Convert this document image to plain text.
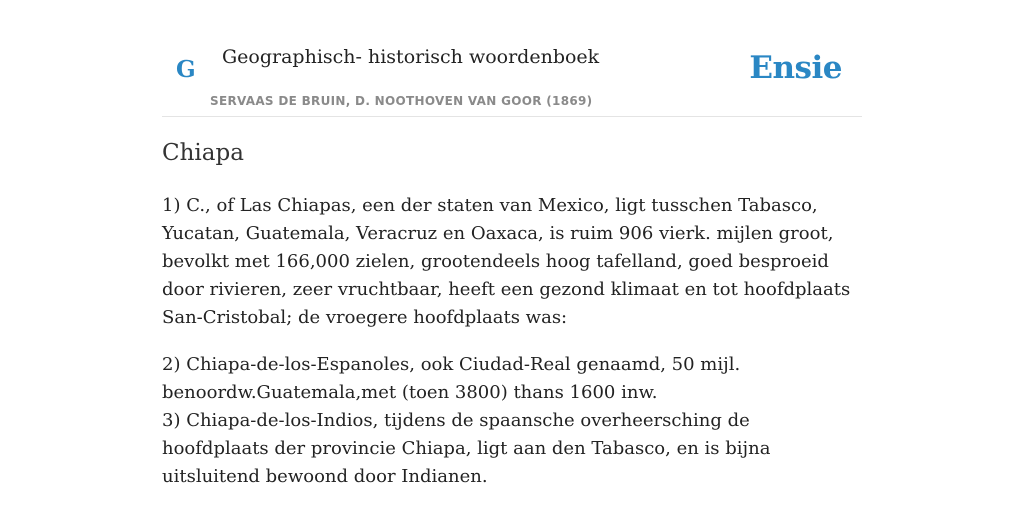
G Geographisch- historisch woordenboek
SERVAAS DE BRUIN, D. NOOTHOVEN VAN GOOR (1869)
Ensie
Chiapa

1) C., of Las Chiapas, een der staten van Mexico, ligt tusschen Tabasco, Yucatan, Guatemala, Veracruz en Oaxaca, is ruim 906 vierk. mijlen groot, bevolkt met 166,000 zielen, grootendeels hoog tafelland, goed besproeid door rivieren, zeer vruchtbaar, heeft een gezond klimaat en tot hoofdplaats San-Cristobal; de vroegere hoofdplaats was:

2) Chiapa-de-los-Espanoles, ook Ciudad-Real genaamd, 50 mijl. benoordw.Guatemala,met (toen 3800) thans 1600 inw.
3) Chiapa-de-los-Indios, tijdens de spaansche overheersching de hoofdplaats der provincie Chiapa, ligt aan den Tabasco, en is bijna uitsluitend bewoond door Indianen.
